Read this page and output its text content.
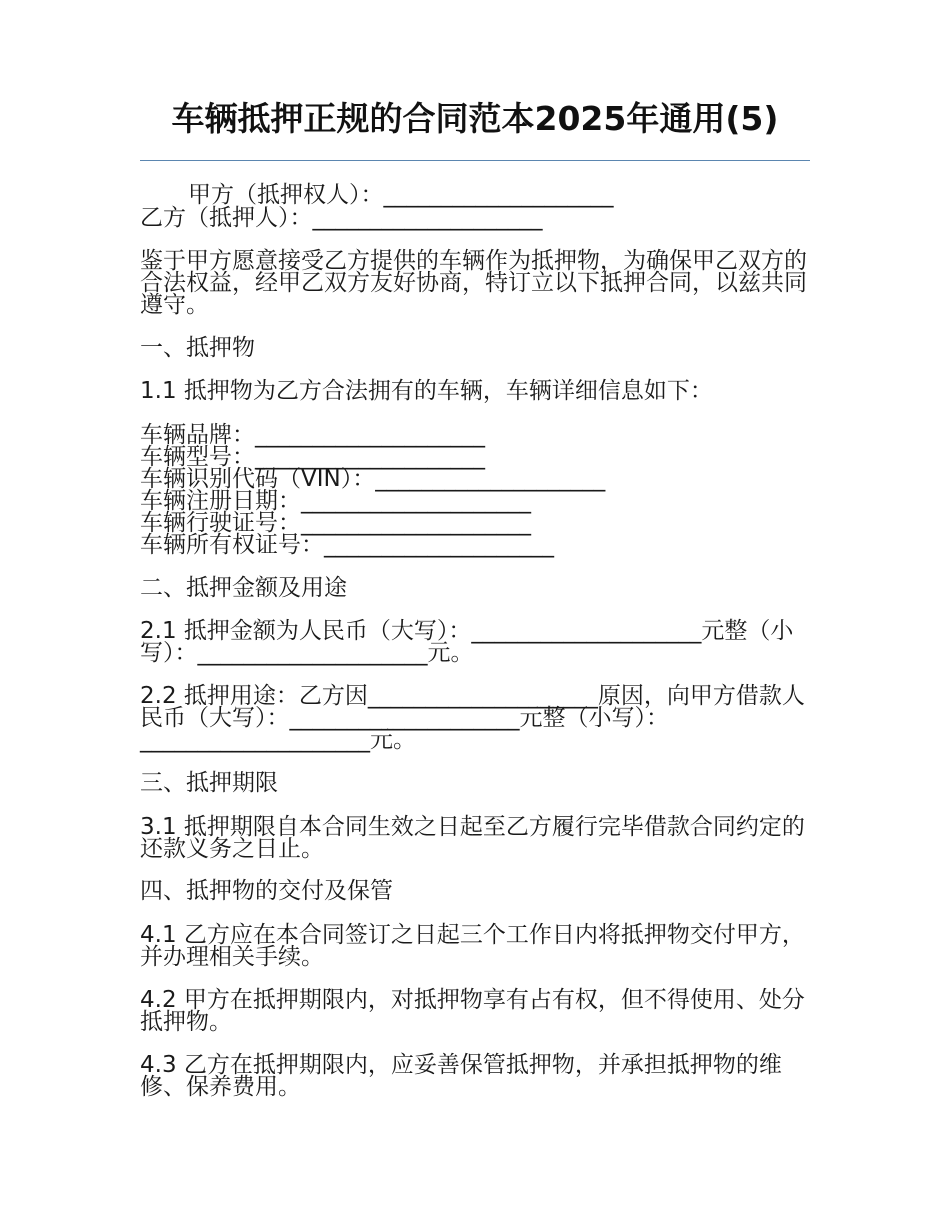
车辆抵押正规的合同范本2025年通用(5)
甲方（抵押权人）：____________________
乙方（抵押人）：____________________
鉴于甲方愿意接受乙方提供的车辆作为抵押物，为确保甲乙双方的合法权益，经甲乙双方友好协商，特订立以下抵押合同，以兹共同遵守。
一、抵押物
1.1 抵押物为乙方合法拥有的车辆，车辆详细信息如下：
车辆品牌：____________________
车辆型号：____________________
车辆识别代码（VIN）：____________________
车辆注册日期：____________________
车辆行驶证号：____________________
车辆所有权证号：____________________
二、抵押金额及用途
2.1 抵押金额为人民币（大写）：____________________元整（小写）：____________________元。
2.2 抵押用途：乙方因____________________原因，向甲方借款人民币（大写）：____________________元整（小写）：____________________元。
三、抵押期限
3.1 抵押期限自本合同生效之日起至乙方履行完毕借款合同约定的还款义务之日止。
四、抵押物的交付及保管
4.1 乙方应在本合同签订之日起三个工作日内将抵押物交付甲方，并办理相关手续。
4.2 甲方在抵押期限内，对抵押物享有占有权，但不得使用、处分抵押物。
4.3 乙方在抵押期限内，应妥善保管抵押物，并承担抵押物的维修、保养费用。
